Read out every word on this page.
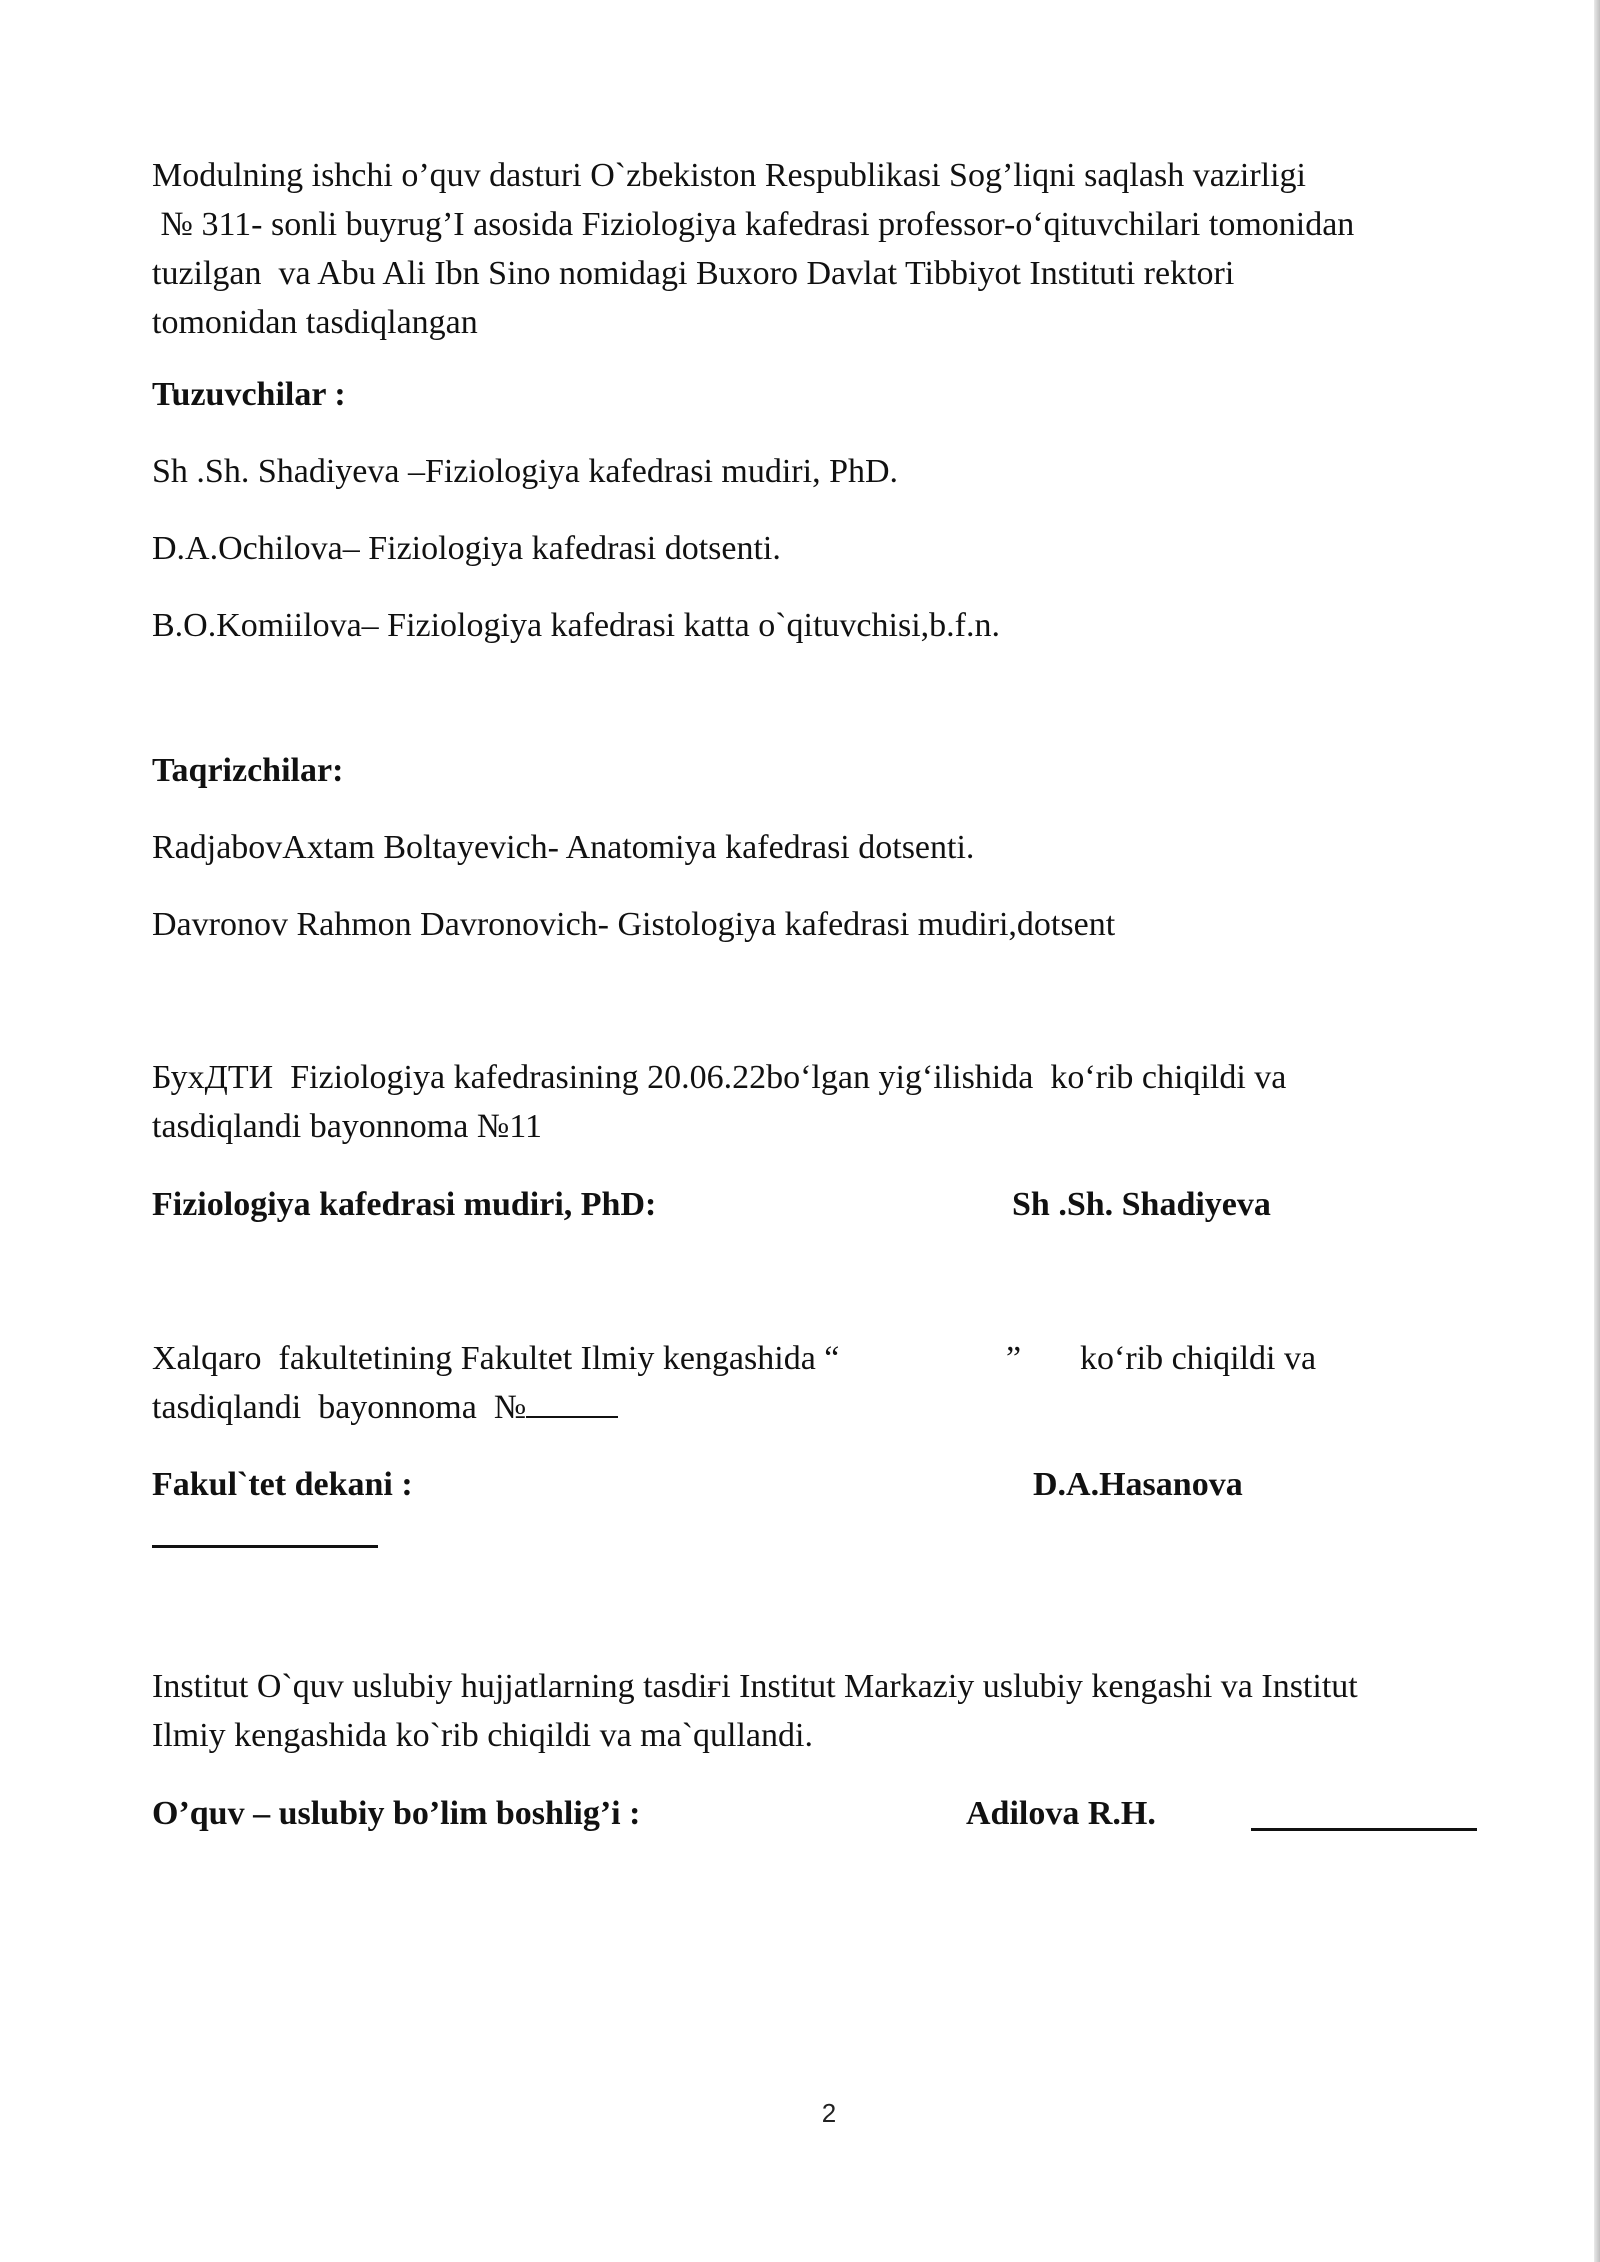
Modulning ishchi o’quv dasturi O`zbekiston Respublikasi Sog’liqni saqlash vazirligi
№ 311- sonli buyrug’I asosida Fiziologiya kafedrasi professor-o‘qituvchilari tomonidan
tuzilgan  va Abu Ali Ibn Sino nomidagi Buxoro Davlat Tibbiyot Instituti rektori
tomonidan tasdiqlangan
Tuzuvchilar :
Sh .Sh. Shadiyeva –Fiziologiya kafedrasi mudiri, PhD.
D.A.Ochilova– Fiziologiya kafedrasi dotsenti.
B.O.Komiilova– Fiziologiya kafedrasi katta o`qituvchisi,b.f.n.
Taqrizchilar:
RadjabovAxtam Boltayevich- Anatomiya kafedrasi dotsenti.
Davronov Rahmon Davronovich- Gistologiya kafedrasi mudiri,dotsent
БухДТИ  Fiziologiya kafedrasining 20.06.22bo‘lgan yig‘ilishida  ko‘rib chiqildi va
tasdiqlandi bayonnoma №11
Fiziologiya kafedrasi mudiri, PhD:	Sh .Sh. Shadiyeva
Xalqaro  fakultetining Fakultet Ilmiy kengashida “	” ko‘rib chiqildi va
tasdiqlandi  bayonnoma  №
Fakul`tet dekani :	D.A.Hasanova
Institut O`quv uslubiy hujjatlarning tasdiғi Institut Markaziy uslubiy kengashi va Institut
Ilmiy kengashida ko`rib chiqildi va ma`qullandi.
O’quv – uslubiy bo’lim boshlig’i :	Adilova R.H.
2
